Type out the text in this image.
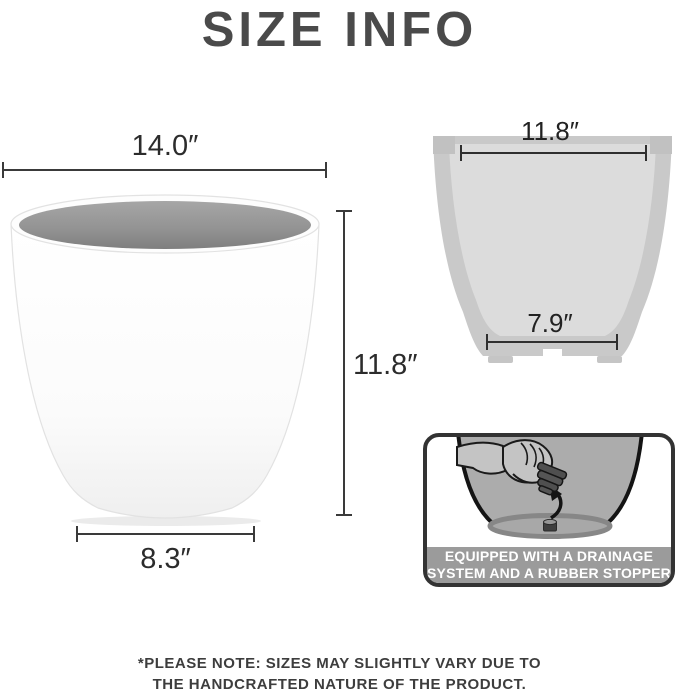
SIZE INFO
14.0″
11.8″
8.3″
11.8″
7.9″
EQUIPPED WITH A DRAINAGE
SYSTEM AND A RUBBER STOPPER
*PLEASE NOTE: SIZES MAY SLIGHTLY VARY DUE TO
THE HANDCRAFTED NATURE OF THE PRODUCT.
